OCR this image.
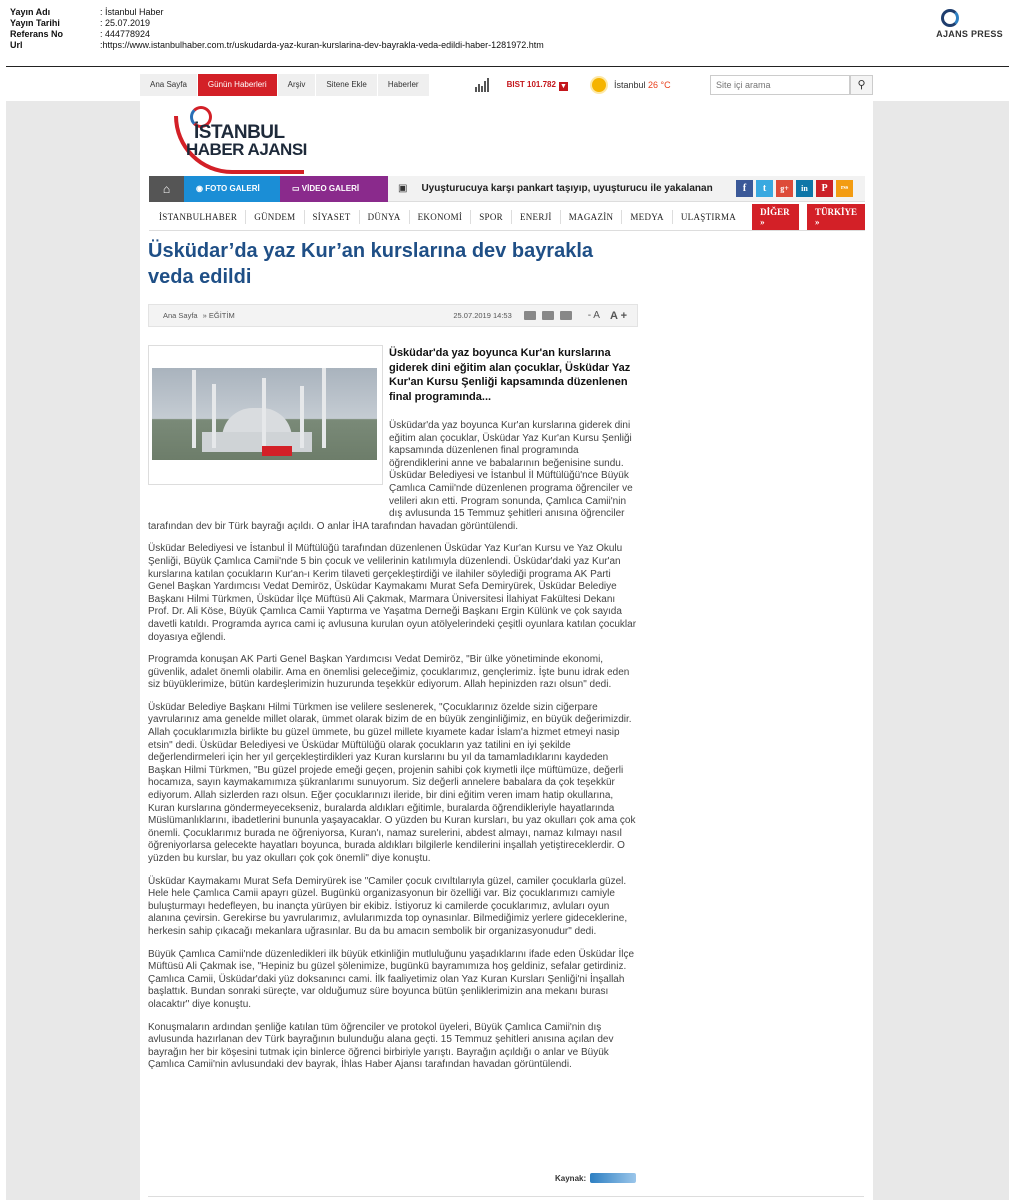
Yayın Adı	: İstanbul Haber
Yayın Tarihi	: 25.07.2019
Referans No	: 444778924
Url	:https://www.istanbulhaber.com.tr/uskudarda-yaz-kuran-kurslarina-dev-bayrakla-veda-edildi-haber-1281972.htm
AJANS PRESS
Ana Sayfa	Günün Haberleri	Arşiv	Sitene Ekle	Haberler	BIST 101.782 ▼	İstanbul 26 °C
Site içi arama	⚲
İSTANBUL
HABER AJANSI
⌂	◉ FOTO GALERİ	▭ VİDEO GALERİ	▣ Uyuşturucuya karşı pankart taşıyıp, uyuşturucu ile yakalanan	f	t	g+	in	P	rss
İSTANBULHABER	GÜNDEM	SİYASET	DÜNYA	EKONOMİ	SPOR	ENERJİ	MAGAZİN	MEDYA	ULAŞTIRMA	DİĞER »
TÜRKİYE »
Üsküdar’da yaz Kur’an kurslarına dev bayrakla veda edildi
Ana Sayfa » EĞİTİM	25.07.2019 14:53	- A A +

Üsküdar'da yaz boyunca Kur'an kurslarına giderek dini eğitim alan çocuklar, Üsküdar Yaz Kur'an Kursu Şenliği kapsamında düzenlenen final programında...

Üsküdar'da yaz boyunca Kur'an kurslarına giderek dini eğitim alan çocuklar, Üsküdar Yaz Kur'an Kursu Şenliği kapsamında düzenlenen final programında öğrendiklerini anne ve babalarının beğenisine sundu. Üsküdar Belediyesi ve İstanbul İl Müftülüğü'nce Büyük Çamlıca Camii'nde düzenlenen programa öğrenciler ve velileri akın etti. Program sonunda, Çamlıca Camii'nin dış avlusunda 15 Temmuz şehitleri anısına öğrenciler tarafından dev bir Türk bayrağı açıldı. O anlar İHA tarafından havadan görüntülendi.

Üsküdar Belediyesi ve İstanbul İl Müftülüğü tarafından düzenlenen Üsküdar Yaz Kur'an Kursu ve Yaz Okulu Şenliği, Büyük Çamlıca Camii'nde 5 bin çocuk ve velilerinin katılımıyla düzenlendi. Üsküdar'daki yaz Kur'an kurslarına katılan çocukların Kur'an-ı Kerim tilaveti gerçekleştirdiği ve ilahiler söylediği programa AK Parti Genel Başkan Yardımcısı Vedat Demiröz, Üsküdar Kaymakamı Murat Sefa Demiryürek, Üsküdar Belediye Başkanı Hilmi Türkmen, Üsküdar İlçe Müftüsü Ali Çakmak, Marmara Üniversitesi İlahiyat Fakültesi Dekanı Prof. Dr. Ali Köse, Büyük Çamlıca Camii Yaptırma ve Yaşatma Derneği Başkanı Ergin Külünk ve çok sayıda davetli katıldı. Programda ayrıca cami iç avlusuna kurulan oyun atölyelerindeki çeşitli oyunlara katılan çocuklar doyasıya eğlendi.

Programda konuşan AK Parti Genel Başkan Yardımcısı Vedat Demiröz, "Bir ülke yönetiminde ekonomi, güvenlik, adalet önemli olabilir. Ama en önemlisi geleceğimiz, çocuklarımız, gençlerimiz. İşte bunu idrak eden siz büyüklerimize, bütün kardeşlerimizin huzurunda teşekkür ediyorum. Allah hepinizden razı olsun" dedi.

Üsküdar Belediye Başkanı Hilmi Türkmen ise velilere seslenerek, "Çocuklarınız özelde sizin ciğerpare yavrularınız ama genelde millet olarak, ümmet olarak bizim de en büyük zenginliğimiz, en büyük değerimizdir. Allah çocuklarımızla birlikte bu güzel ümmete, bu güzel millete kıyamete kadar İslam'a hizmet etmeyi nasip etsin" dedi. Üsküdar Belediyesi ve Üsküdar Müftülüğü olarak çocukların yaz tatilini en iyi şekilde değerlendirmeleri için her yıl gerçekleştirdikleri yaz Kuran kurslarını bu yıl da tamamladıklarını kaydeden Başkan Hilmi Türkmen, "Bu güzel projede emeği geçen, projenin sahibi çok kıymetli ilçe müftümüze, değerli hocamıza, sayın kaymakamımıza şükranlarımı sunuyorum. Siz değerli annelere babalara da çok teşekkür ediyorum. Allah sizlerden razı olsun. Eğer çocuklarınızı ileride, bir dini eğitim veren imam hatip okullarına, Kuran kurslarına göndermeyecekseniz, buralarda aldıkları eğitimle, buralarda öğrendikleriyle hayatlarında Müslümanlıklarını, ibadetlerini bununla yaşayacaklar. O yüzden bu Kuran kursları, bu yaz okulları çok ama çok önemli. Çocuklarımız burada ne öğreniyorsa, Kuran'ı, namaz surelerini, abdest almayı, namaz kılmayı nasıl öğreniyorlarsa gelecekte hayatları boyunca, burada aldıkları bilgilerle kendilerini inşallah yetiştireceklerdir. O yüzden bu kurslar, bu yaz okulları çok çok önemli" diye konuştu.

Üsküdar Kaymakamı Murat Sefa Demiryürek ise "Camiler çocuk cıvıltılarıyla güzel, camiler çocuklarla güzel. Hele hele Çamlıca Camii apayrı güzel. Bugünkü organizasyonun bir özelliği var. Biz çocuklarımızı camiyle buluşturmayı hedefleyen, bu inançta yürüyen bir ekibiz. İstiyoruz ki camilerde çocuklarımız, avluları oyun alanına çevirsin. Gerekirse bu yavrularımız, avlularımızda top oynasınlar. Bilmediğimiz yerlere gideceklerine, herkesin sahip çıkacağı mekanlara uğrasınlar. Bu da bu amacın sembolik bir organizasyonudur" dedi.

Büyük Çamlıca Camii'nde düzenledikleri ilk büyük etkinliğin mutluluğunu yaşadıklarını ifade eden Üsküdar İlçe Müftüsü Ali Çakmak ise, "Hepiniz bu güzel şölenimize, bugünkü bayramımıza hoş geldiniz, sefalar getirdiniz. Çamlıca Camii, Üsküdar'daki yüz doksanıncı cami. İlk faaliyetimiz olan Yaz Kuran Kursları Şenliği'ni İnşallah başlattık. Bundan sonraki süreçte, var olduğumuz süre boyunca bütün şenliklerimizin ana mekanı burası olacaktır" diye konuştu.

Konuşmaların ardından şenliğe katılan tüm öğrenciler ve protokol üyeleri, Büyük Çamlıca Camii'nin dış avlusunda hazırlanan dev Türk bayrağının bulunduğu alana geçti. 15 Temmuz şehitleri anısına açılan dev bayrağın her bir köşesini tutmak için binlerce öğrenci birbiriyle yarıştı. Bayrağın açıldığı o anlar ve Büyük Çamlıca Camii'nin avlusundaki dev bayrak, İhlas Haber Ajansı tarafından havadan görüntülendi.

Kaynak:
